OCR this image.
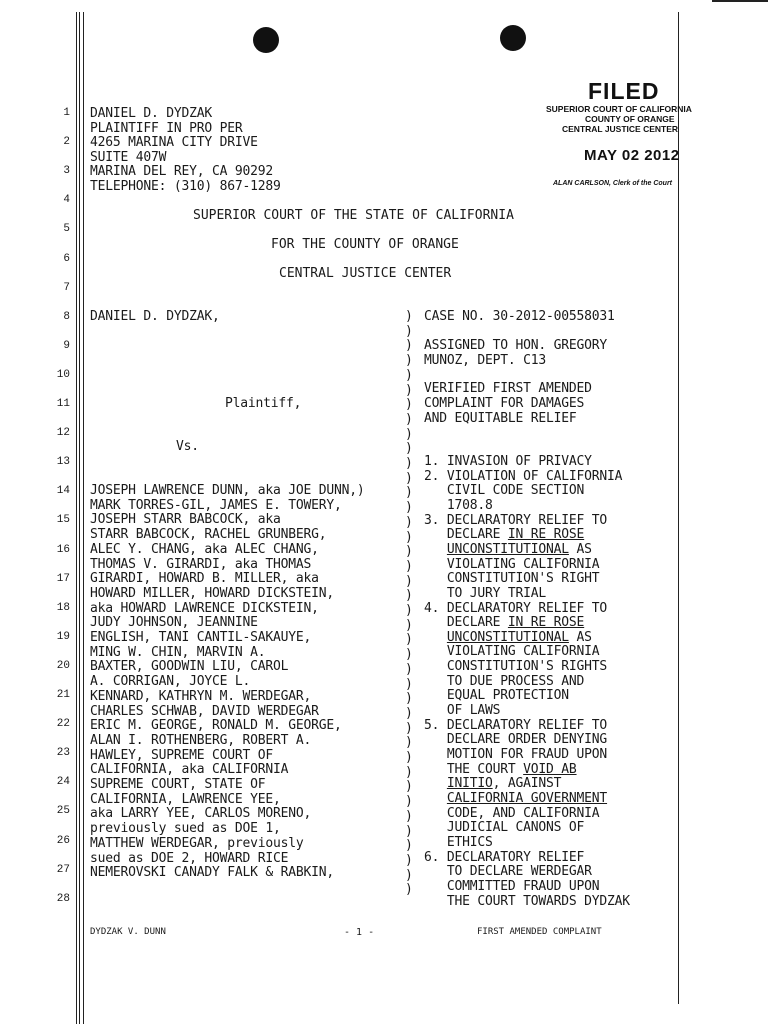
1
2
3
4
5
6
7
8
9
10
11
12
13
14
15
16
17
18
19
20
21
22
23
24
25
26
27
28
FILED
SUPERIOR COURT OF CALIFORNIA
COUNTY OF ORANGE
CENTRAL JUSTICE CENTER
MAY 02 2012
ALAN CARLSON, Clerk of the Court
DANIEL D. DYDZAK
PLAINTIFF IN PRO PER
4265 MARINA CITY DRIVE
SUITE 407W
MARINA DEL REY, CA 90292
TELEPHONE: (310) 867-1289
SUPERIOR COURT OF THE STATE OF CALIFORNIA
FOR THE COUNTY OF ORANGE
CENTRAL JUSTICE CENTER
DANIEL D. DYDZAK,
Plaintiff,
Vs.
JOSEPH LAWRENCE DUNN, aka JOE DUNN,)
MARK TORRES-GIL, JAMES E. TOWERY,
JOSEPH STARR BABCOCK, aka
STARR BABCOCK, RACHEL GRUNBERG,
ALEC Y. CHANG, aka ALEC CHANG,
THOMAS V. GIRARDI, aka THOMAS
GIRARDI, HOWARD B. MILLER, aka
HOWARD MILLER, HOWARD DICKSTEIN,
aka HOWARD LAWRENCE DICKSTEIN,
JUDY JOHNSON, JEANNINE
ENGLISH, TANI CANTIL-SAKAUYE,
MING W. CHIN, MARVIN A.
BAXTER, GOODWIN LIU, CAROL
A. CORRIGAN, JOYCE L.
KENNARD, KATHRYN M. WERDEGAR,
CHARLES SCHWAB, DAVID WERDEGAR
ERIC M. GEORGE, RONALD M. GEORGE,
ALAN I. ROTHENBERG, ROBERT A.
HAWLEY, SUPREME COURT OF
CALIFORNIA, aka CALIFORNIA
SUPREME COURT, STATE OF
CALIFORNIA, LAWRENCE YEE,
aka LARRY YEE, CARLOS MORENO,
previously sued as DOE 1,
MATTHEW WERDEGAR, previously
sued as DOE 2, HOWARD RICE
NEMEROVSKI CANADY FALK & RABKIN,
)
)
)
)
)
)
)
)
)
)
)
)
)
)
)
)
)
)
)
)
)
)
)
)
)
)
)
)
)
)
)
)
)
)
)
)
)
)
)
)
CASE NO. 30-2012-00558031
ASSIGNED TO HON. GREGORY
MUNOZ, DEPT. C13
VERIFIED FIRST AMENDED
COMPLAINT FOR DAMAGES
AND EQUITABLE RELIEF
1. INVASION OF PRIVACY
2. VIOLATION OF CALIFORNIA
CIVIL CODE SECTION
1708.8
3. DECLARATORY RELIEF TO
DECLARE IN RE ROSE
UNCONSTITUTIONAL AS
VIOLATING CALIFORNIA
CONSTITUTION'S RIGHT
TO JURY TRIAL
4. DECLARATORY RELIEF TO
DECLARE IN RE ROSE
UNCONSTITUTIONAL AS
VIOLATING CALIFORNIA
CONSTITUTION'S RIGHTS
TO DUE PROCESS AND
EQUAL PROTECTION
OF LAWS
5. DECLARATORY RELIEF TO
DECLARE ORDER DENYING
MOTION FOR FRAUD UPON
THE COURT VOID AB
INITIO, AGAINST
CALIFORNIA GOVERNMENT
CODE, AND CALIFORNIA
JUDICIAL CANONS OF
ETHICS
6. DECLARATORY RELIEF
TO DECLARE WERDEGAR
COMMITTED FRAUD UPON
THE COURT TOWARDS DYDZAK
DYDZAK V. DUNN	- 1 -	FIRST AMENDED COMPLAINT
